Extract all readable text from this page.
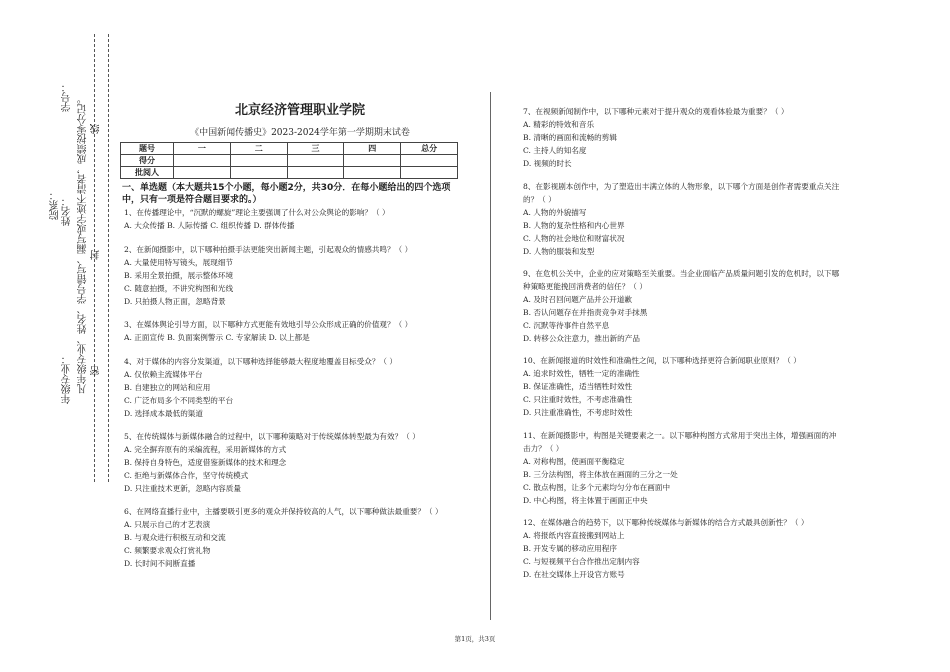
学号：
院系： 姓名：
年级专业： 凡年级专业、姓名、学号错写、漏写或字迹不清者，成绩按零分记。 线
封
密
北京经济管理职业学院
《中国新闻传播史》2023-2024学年第一学期期末试卷
题号	一	二	三	四	总分
得分					
批阅人					
一、单选题（本大题共15个小题，每小题2分，共30分．在每小题给出的四个选项中，只有一项是符合题目要求的。）
1、在传播理论中，“沉默的螺旋”理论主要强调了什么对公众舆论的影响？（ ）
A. 大众传播 B. 人际传播 C. 组织传播 D. 群体传播
2、在新闻摄影中，以下哪种拍摄手法更能突出新闻主题，引起观众的情感共鸣？（ ）
A. 大量使用特写镜头，展现细节
B. 采用全景拍摄，展示整体环境
C. 随意拍摄，不讲究构图和光线
D. 只拍摄人物正面，忽略背景
3、在媒体舆论引导方面，以下哪种方式更能有效地引导公众形成正确的价值观？（ ）
A. 正面宣传 B. 负面案例警示 C. 专家解读 D. 以上都是
4、对于媒体的内容分发渠道，以下哪种选择能够最大程度地覆盖目标受众？（ ）
A. 仅依赖主流媒体平台
B. 自建独立的网站和应用
C. 广泛布局多个不同类型的平台
D. 选择成本最低的渠道
5、在传统媒体与新媒体融合的过程中，以下哪种策略对于传统媒体转型最为有效？（ ）
A. 完全摒弃原有的采编流程，采用新媒体的方式
B. 保持自身特色，适度借鉴新媒体的技术和理念
C. 拒绝与新媒体合作，坚守传统模式
D. 只注重技术更新，忽略内容质量
6、在网络直播行业中，主播要吸引更多的观众并保持较高的人气，以下哪种做法最重要？（ ）
A. 只展示自己的才艺表演
B. 与观众进行积极互动和交流
C. 频繁要求观众打赏礼物
D. 长时间不间断直播
7、在视频新闻制作中，以下哪种元素对于提升观众的观看体验最为重要？（ ）
A. 精彩的特效和音乐
B. 清晰的画面和流畅的剪辑
C. 主持人的知名度
D. 视频的时长
8、在影视剧本创作中，为了塑造出丰满立体的人物形象，以下哪个方面是创作者需要重点关注的？（ ）
A. 人物的外貌描写
B. 人物的复杂性格和内心世界
C. 人物的社会地位和财富状况
D. 人物的服装和发型
9、在危机公关中，企业的应对策略至关重要。当企业面临产品质量问题引发的危机时，以下哪种策略更能挽回消费者的信任？（ ）
A. 及时召回问题产品并公开道歉
B. 否认问题存在并指责竞争对手抹黑
C. 沉默等待事件自然平息
D. 转移公众注意力，推出新的产品
10、在新闻报道的时效性和准确性之间，以下哪种选择更符合新闻职业原则？（ ）
A. 追求时效性，牺牲一定的准确性
B. 保证准确性，适当牺牲时效性
C. 只注重时效性，不考虑准确性
D. 只注重准确性，不考虑时效性
11、在新闻摄影中，构图是关键要素之一。以下哪种构图方式常用于突出主体，增强画面的冲击力？（ ）
A. 对称构图，使画面平衡稳定
B. 三分法构图，将主体放在画面的三分之一处
C. 散点构图，让多个元素均匀分布在画面中
D. 中心构图，将主体置于画面正中央
12、在媒体融合的趋势下，以下哪种传统媒体与新媒体的结合方式最具创新性？（ ）
A. 将报纸内容直接搬到网站上
B. 开发专属的移动应用程序
C. 与短视频平台合作推出定制内容
D. 在社交媒体上开设官方账号
第1页，共3页
